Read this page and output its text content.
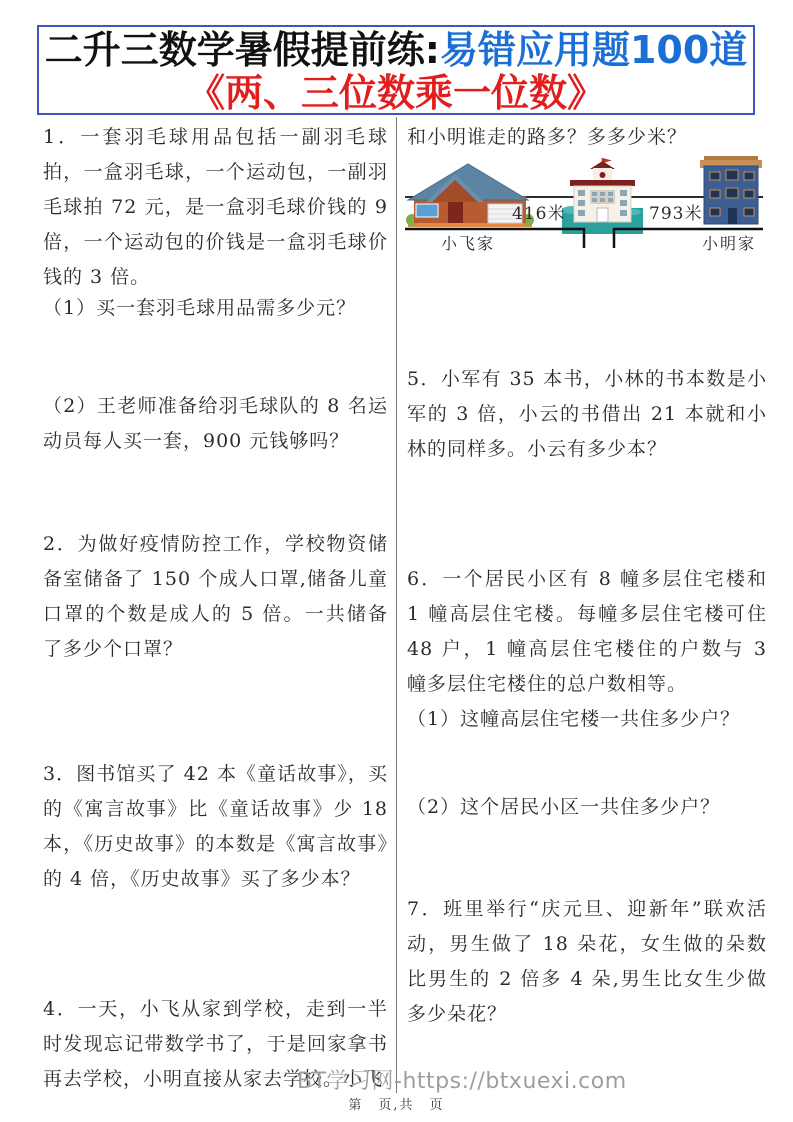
二升三数学暑假提前练:易错应用题100道
《两、三位数乘一位数》
1．一套羽毛球用品包括一副羽毛球拍，一盒羽毛球，一个运动包，一副羽毛球拍 72 元，是一盒羽毛球价钱的 9 倍，一个运动包的价钱是一盒羽毛球价钱的 3 倍。
（1）买一套羽毛球用品需多少元？
（2）王老师准备给羽毛球队的 8 名运动员每人买一套，900 元钱够吗？
2．为做好疫情防控工作，学校物资储备室储备了 150 个成人口罩,储备儿童口罩的个数是成人的 5 倍。一共储备了多少个口罩？
3．图书馆买了 42 本《童话故事》，买的《寓言故事》比《童话故事》少 18 本，《历史故事》的本数是《寓言故事》的 4 倍，《历史故事》买了多少本？
4．一天，小飞从家到学校，走到一半时发现忘记带数学书了，于是回家拿书再去学校，小明直接从家去学校。小飞
和小明谁走的路多？多多少米？
416米	793米
小飞家	小明家
5．小军有 35 本书，小林的书本数是小军的 3 倍，小云的书借出 21 本就和小林的同样多。小云有多少本？
6．一个居民小区有 8 幢多层住宅楼和 1 幢高层住宅楼。每幢多层住宅楼可住 48 户，1 幢高层住宅楼住的户数与 3 幢多层住宅楼住的总户数相等。
（1）这幢高层住宅楼一共住多少户？
（2）这个居民小区一共住多少户？
7．班里举行“庆元旦、迎新年”联欢活动，男生做了 18 朵花，女生做的朵数比男生的 2 倍多 4 朵,男生比女生少做多少朵花？
BT学习网-https://btxuexi.com
第　页,共　页
